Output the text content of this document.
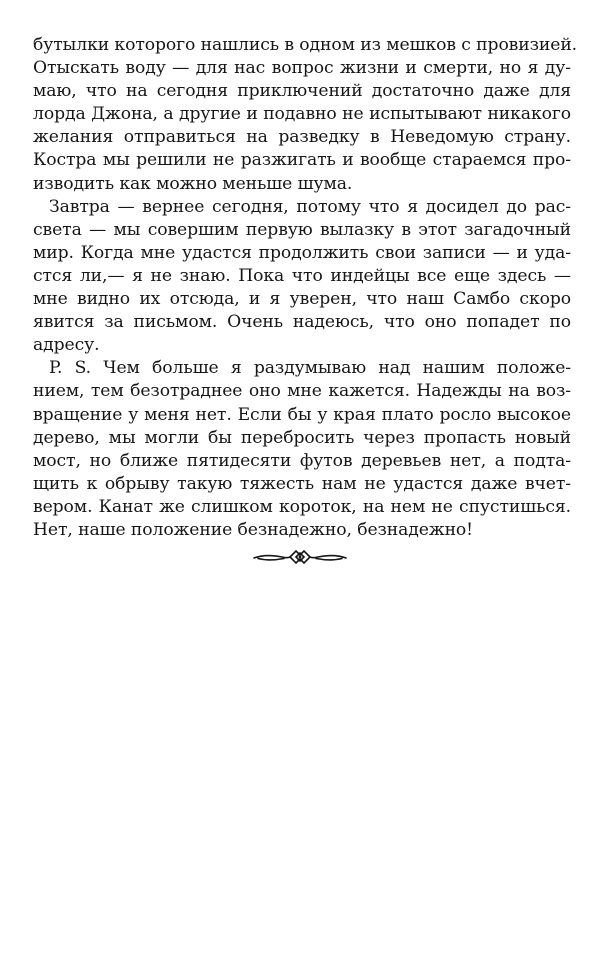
бутылки которого нашлись в одном из мешков с провизией.
Отыскать воду — для нас вопрос жизни и смерти, но я ду-
маю, что на сегодня приключений достаточно даже для
лорда Джона, а другие и подавно не испытывают никакого
желания отправиться на разведку в Неведомую страну.
Костра мы решили не разжигать и вообще стараемся про-
изводить как можно меньше шума.
Завтра — вернее сегодня, потому что я досидел до рас-
света — мы совершим первую вылазку в этот загадочный
мир. Когда мне удастся продолжить свои записи — и уда-
стся ли,— я не знаю. Пока что индейцы все еще здесь —
мне видно их отсюда, и я уверен, что наш Самбо скоро
явится за письмом. Очень надеюсь, что оно попадет по
адресу.
P. S. Чем больше я раздумываю над нашим положе-
нием, тем безотраднее оно мне кажется. Надежды на воз-
вращение у меня нет. Если бы у края плато росло высокое
дерево, мы могли бы перебросить через пропасть новый
мост, но ближе пятидесяти футов деревьев нет, а подта-
щить к обрыву такую тяжесть нам не удастся даже вчет-
вером. Канат же слишком короток, на нем не спустишься.
Нет, наше положение безнадежно, безнадежно!
